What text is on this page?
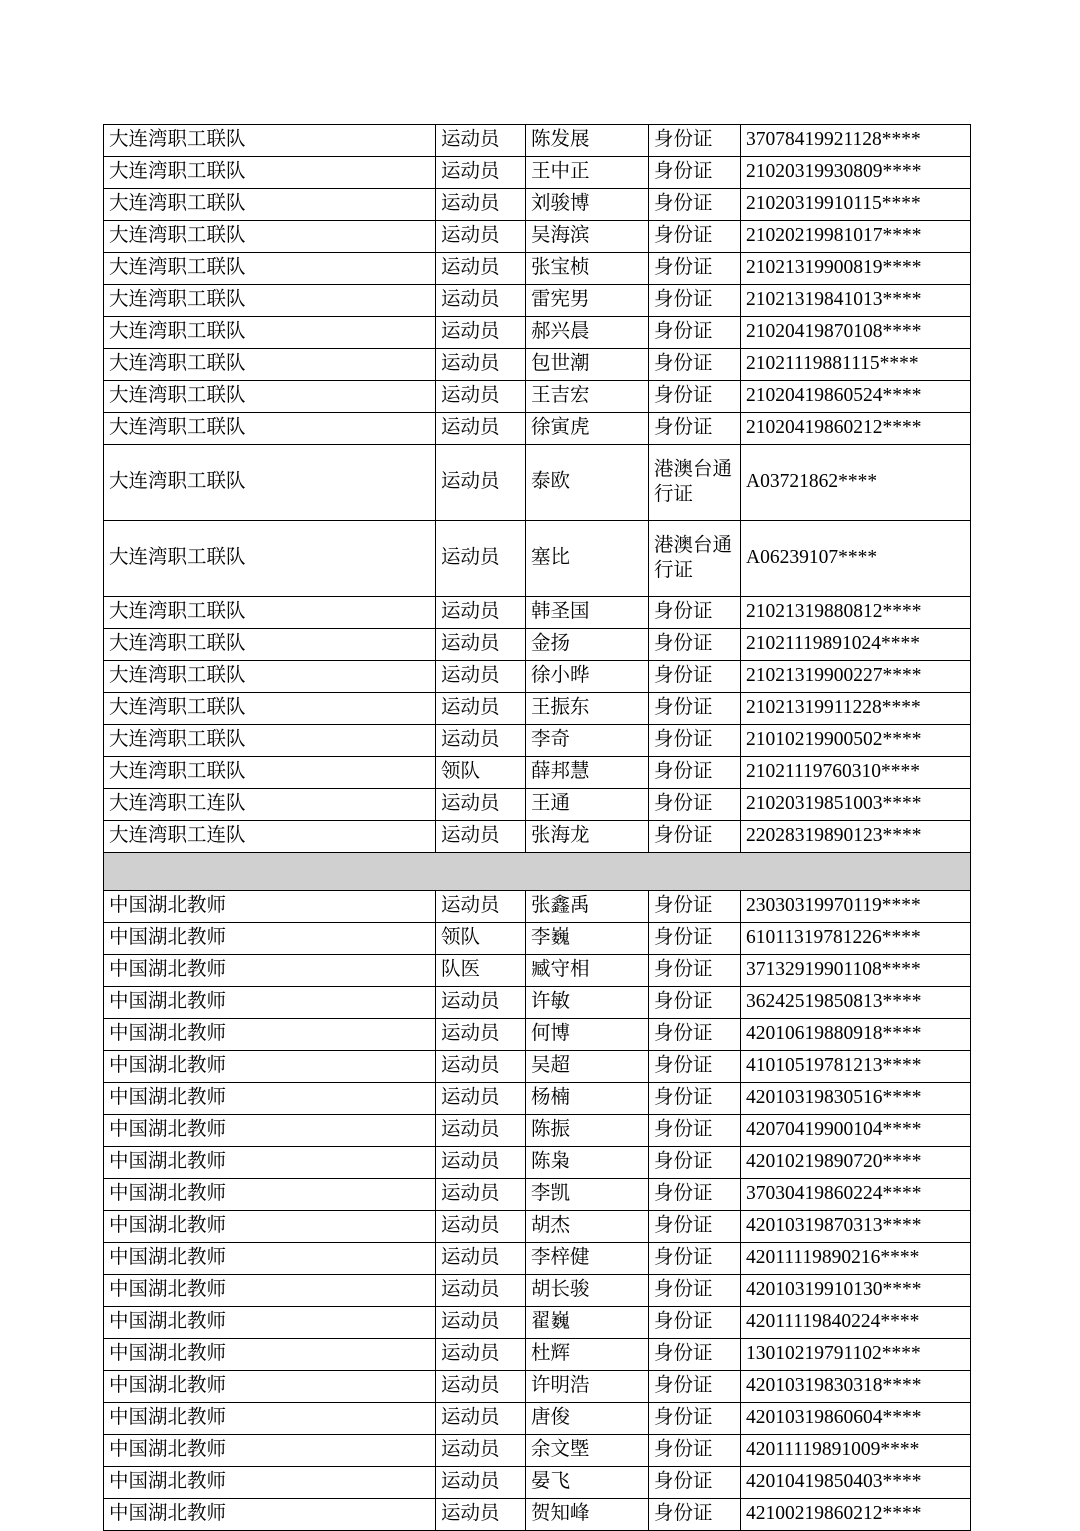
大连湾职工联队	运动员	陈发展	身份证	37078419921128****
大连湾职工联队	运动员	王中正	身份证	21020319930809****
大连湾职工联队	运动员	刘骏博	身份证	21020319910115****
大连湾职工联队	运动员	吴海滨	身份证	21020219981017****
大连湾职工联队	运动员	张宝桢	身份证	21021319900819****
大连湾职工联队	运动员	雷宪男	身份证	21021319841013****
大连湾职工联队	运动员	郝兴晨	身份证	21020419870108****
大连湾职工联队	运动员	包世潮	身份证	21021119881115****
大连湾职工联队	运动员	王吉宏	身份证	21020419860524****
大连湾职工联队	运动员	徐寅虎	身份证	21020419860212****
大连湾职工联队	运动员	泰欧	港澳台通行证	A03721862****
大连湾职工联队	运动员	塞比	港澳台通行证	A06239107****
大连湾职工联队	运动员	韩圣国	身份证	21021319880812****
大连湾职工联队	运动员	金扬	身份证	21021119891024****
大连湾职工联队	运动员	徐小晔	身份证	21021319900227****
大连湾职工联队	运动员	王振东	身份证	21021319911228****
大连湾职工联队	运动员	李奇	身份证	21010219900502****
大连湾职工联队	领队	薛邦慧	身份证	21021119760310****
大连湾职工连队	运动员	王通	身份证	21020319851003****
大连湾职工连队	运动员	张海龙	身份证	22028319890123****

中国湖北教师	运动员	张鑫禹	身份证	23030319970119****
中国湖北教师	领队	李巍	身份证	61011319781226****
中国湖北教师	队医	臧守相	身份证	37132919901108****
中国湖北教师	运动员	许敏	身份证	36242519850813****
中国湖北教师	运动员	何博	身份证	42010619880918****
中国湖北教师	运动员	吴超	身份证	41010519781213****
中国湖北教师	运动员	杨楠	身份证	42010319830516****
中国湖北教师	运动员	陈振	身份证	42070419900104****
中国湖北教师	运动员	陈枭	身份证	42010219890720****
中国湖北教师	运动员	李凯	身份证	37030419860224****
中国湖北教师	运动员	胡杰	身份证	42010319870313****
中国湖北教师	运动员	李梓健	身份证	42011119890216****
中国湖北教师	运动员	胡长骏	身份证	42010319910130****
中国湖北教师	运动员	翟巍	身份证	42011119840224****
中国湖北教师	运动员	杜辉	身份证	13010219791102****
中国湖北教师	运动员	许明浩	身份证	42010319830318****
中国湖北教师	运动员	唐俊	身份证	42010319860604****
中国湖北教师	运动员	余文塈	身份证	42011119891009****
中国湖北教师	运动员	晏飞	身份证	42010419850403****
中国湖北教师	运动员	贺知峰	身份证	42100219860212****
